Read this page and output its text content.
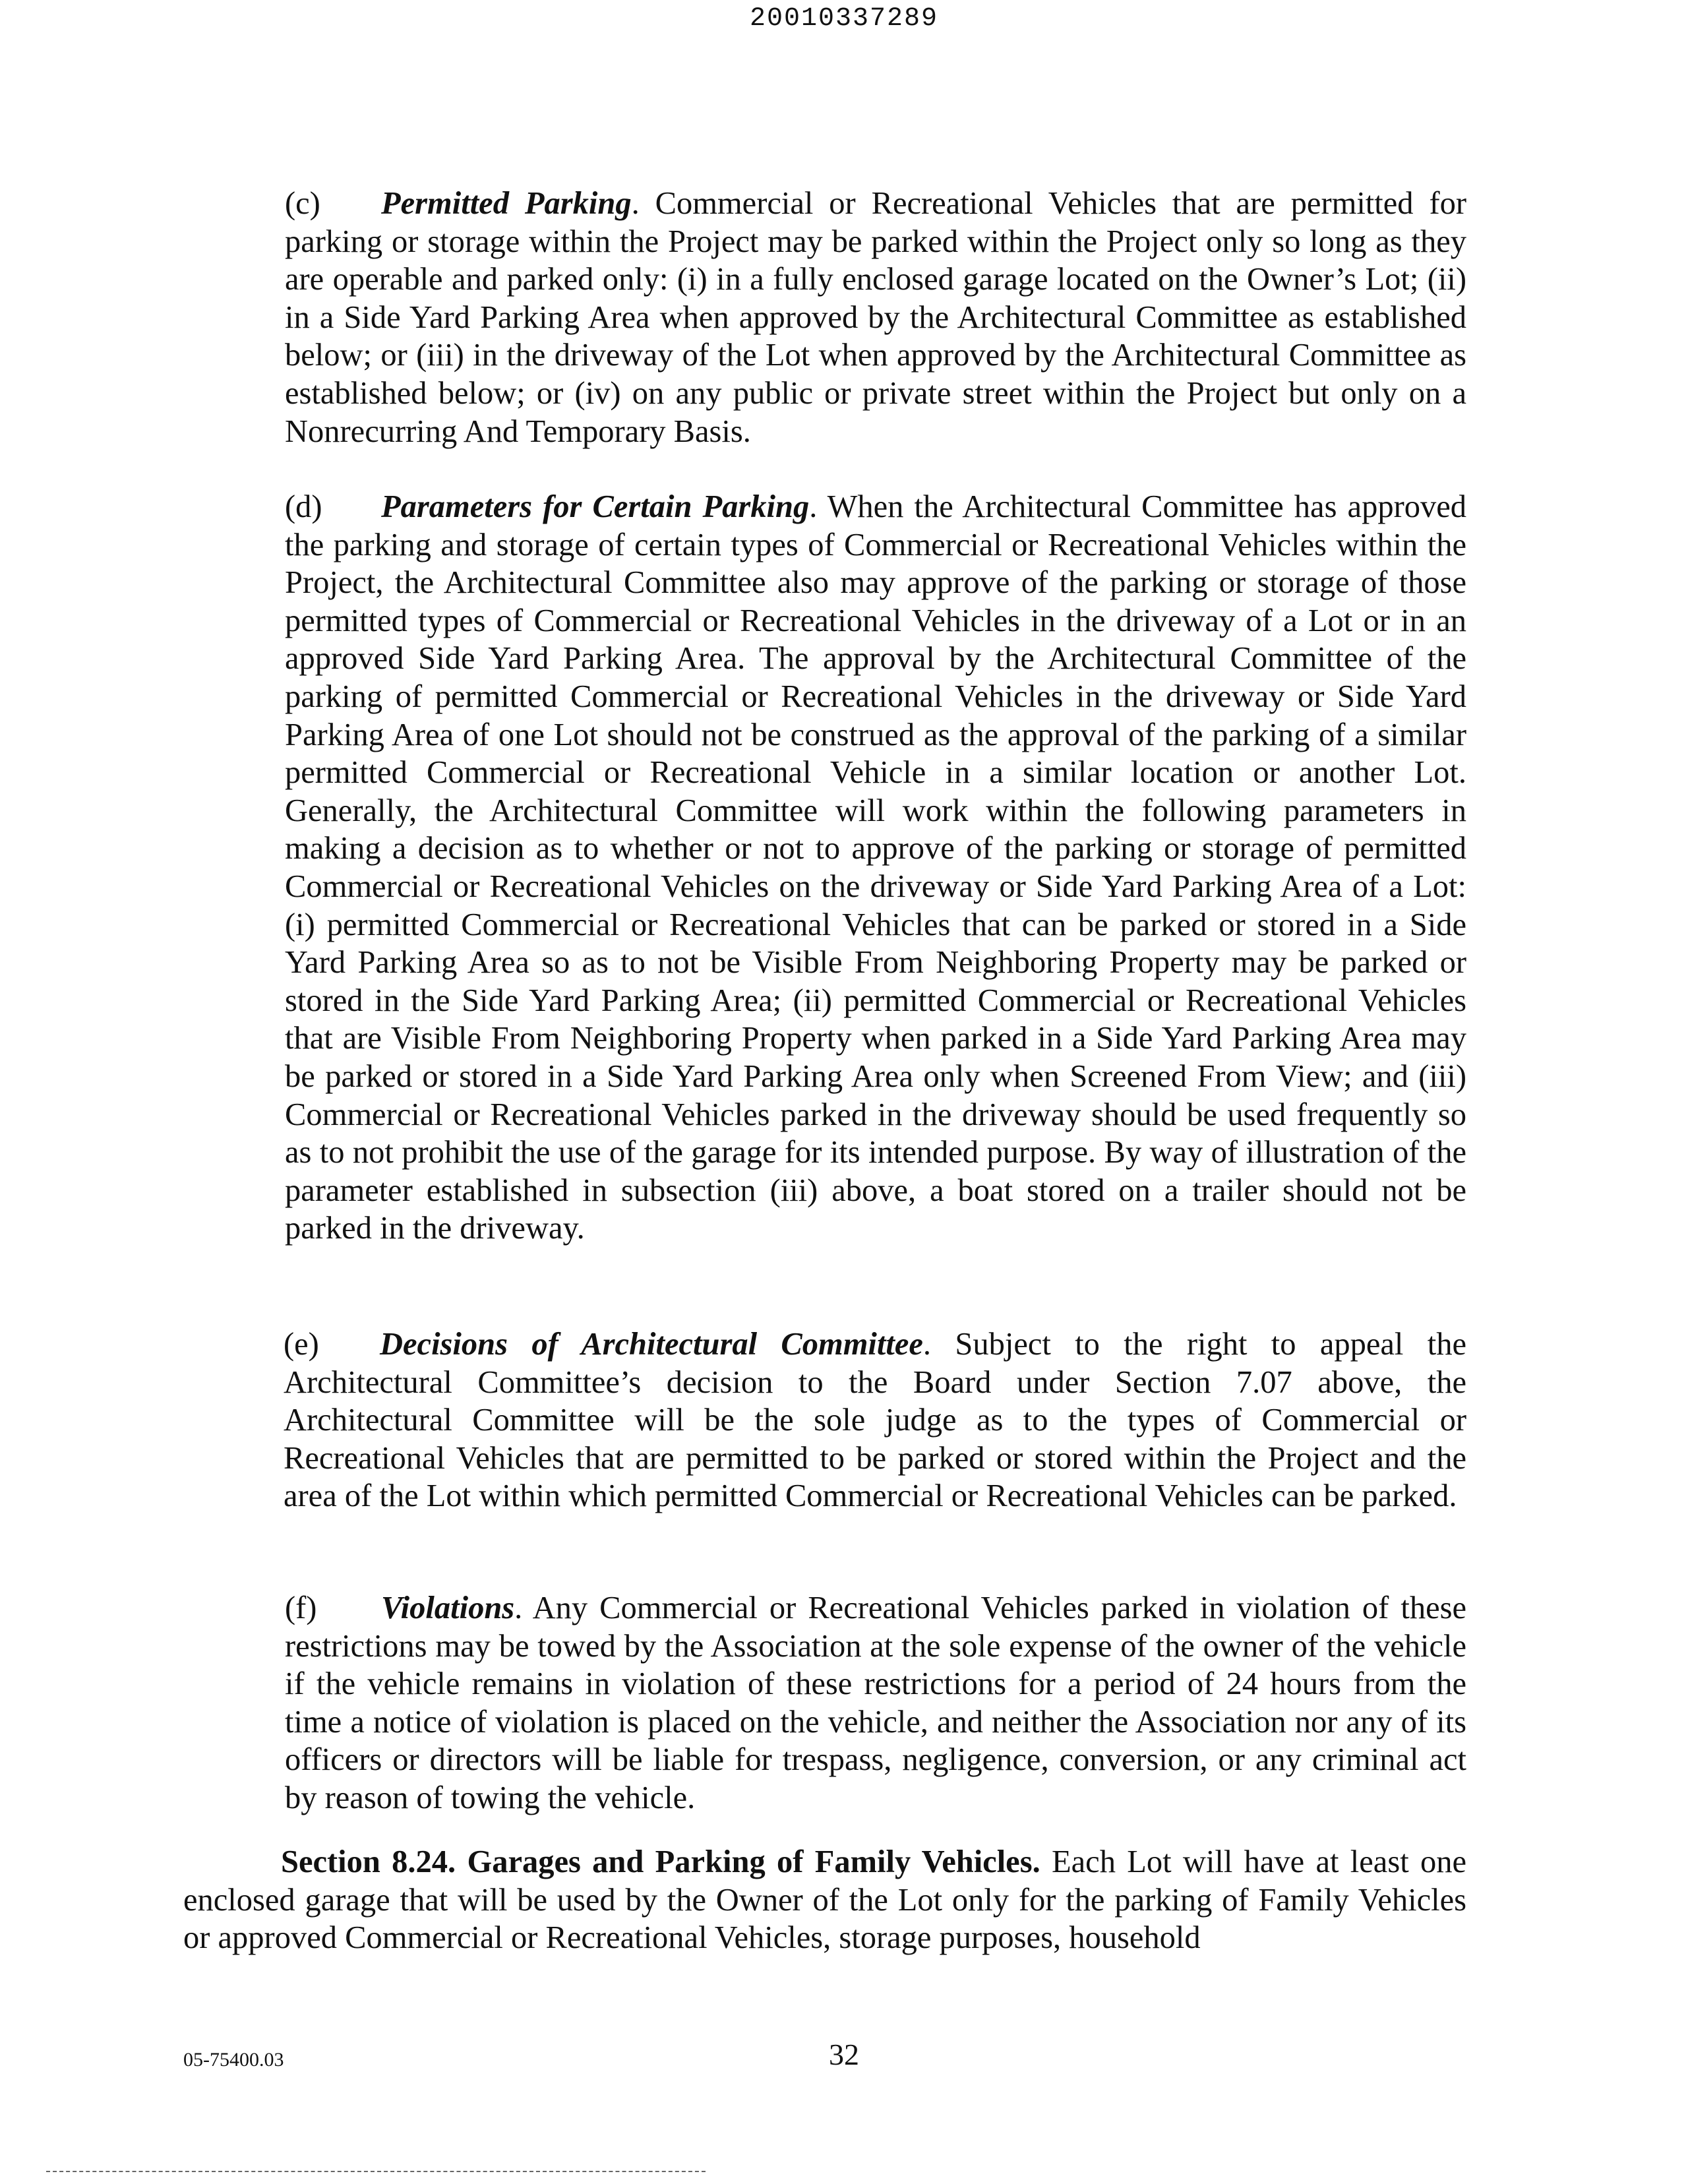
20010337289

(c) Permitted Parking. Commercial or Recreational Vehicles that are permitted for parking or storage within the Project may be parked within the Project only so long as they are operable and parked only: (i) in a fully enclosed garage located on the Owner’s Lot; (ii) in a Side Yard Parking Area when approved by the Architectural Committee as established below; or (iii) in the driveway of the Lot when approved by the Architectural Committee as established below; or (iv) on any public or private street within the Project but only on a Nonrecurring And Temporary Basis.

(d) Parameters for Certain Parking. When the Architectural Committee has approved the parking and storage of certain types of Commercial or Recreational Vehicles within the Project, the Architectural Committee also may approve of the parking or storage of those permitted types of Commercial or Recreational Vehicles in the driveway of a Lot or in an approved Side Yard Parking Area. The approval by the Architectural Committee of the parking of permitted Commercial or Recreational Vehicles in the driveway or Side Yard Parking Area of one Lot should not be construed as the approval of the parking of a similar permitted Commercial or Recreational Vehicle in a similar location or another Lot. Generally, the Architectural Committee will work within the following parameters in making a decision as to whether or not to approve of the parking or storage of permitted Commercial or Recreational Vehicles on the driveway or Side Yard Parking Area of a Lot: (i) permitted Commercial or Recreational Vehicles that can be parked or stored in a Side Yard Parking Area so as to not be Visible From Neighboring Property may be parked or stored in the Side Yard Parking Area; (ii) permitted Commercial or Recreational Vehicles that are Visible From Neighboring Property when parked in a Side Yard Parking Area may be parked or stored in a Side Yard Parking Area only when Screened From View; and (iii) Commercial or Recreational Vehicles parked in the driveway should be used frequently so as to not prohibit the use of the garage for its intended purpose. By way of illustration of the parameter established in subsection (iii) above, a boat stored on a trailer should not be parked in the driveway.

(e) Decisions of Architectural Committee. Subject to the right to appeal the Architectural Committee’s decision to the Board under Section 7.07 above, the Architectural Committee will be the sole judge as to the types of Commercial or Recreational Vehicles that are permitted to be parked or stored within the Project and the area of the Lot within which permitted Commercial or Recreational Vehicles can be parked.

(f) Violations. Any Commercial or Recreational Vehicles parked in violation of these restrictions may be towed by the Association at the sole expense of the owner of the vehicle if the vehicle remains in violation of these restrictions for a period of 24 hours from the time a notice of violation is placed on the vehicle, and neither the Association nor any of its officers or directors will be liable for trespass, negligence, conversion, or any criminal act by reason of towing the vehicle.

Section 8.24. Garages and Parking of Family Vehicles. Each Lot will have at least one enclosed garage that will be used by the Owner of the Lot only for the parking of Family Vehicles or approved Commercial or Recreational Vehicles, storage purposes, household

05-75400.03	32
